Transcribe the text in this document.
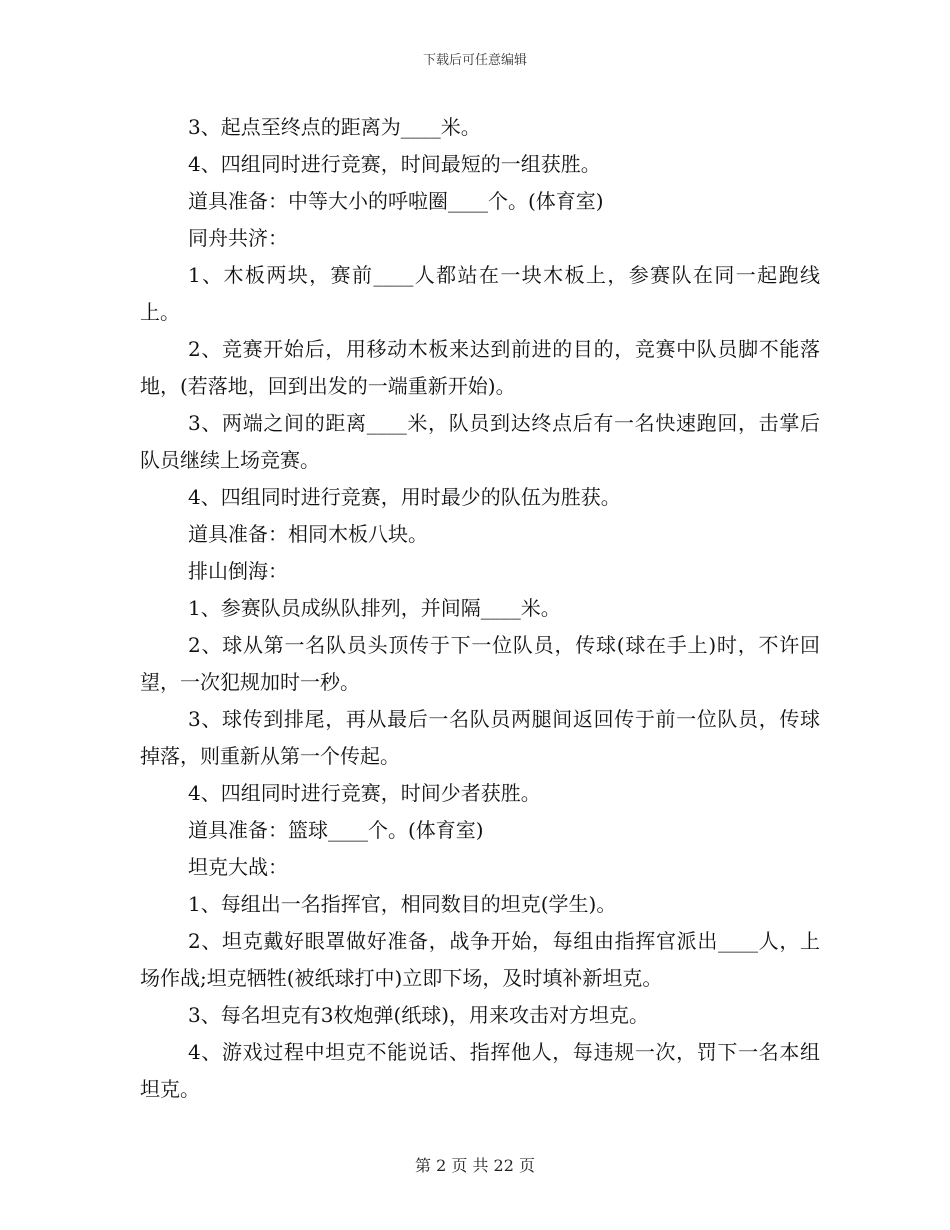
下载后可任意编辑

3、起点至终点的距离为____米。

4、四组同时进行竞赛，时间最短的一组获胜。

道具准备：中等大小的呼啦圈____个。(体育室)

同舟共济：

1、木板两块，赛前____人都站在一块木板上，参赛队在同一起跑线上。

2、竞赛开始后，用移动木板来达到前进的目的，竞赛中队员脚不能落地，(若落地，回到出发的一端重新开始)。

3、两端之间的距离____米，队员到达终点后有一名快速跑回，击掌后队员继续上场竞赛。

4、四组同时进行竞赛，用时最少的队伍为胜获。

道具准备：相同木板八块。

排山倒海：

1、参赛队员成纵队排列，并间隔____米。

2、球从第一名队员头顶传于下一位队员，传球(球在手上)时，不许回望，一次犯规加时一秒。

3、球传到排尾，再从最后一名队员两腿间返回传于前一位队员，传球掉落，则重新从第一个传起。

4、四组同时进行竞赛，时间少者获胜。

道具准备：篮球____个。(体育室)

坦克大战：

1、每组出一名指挥官，相同数目的坦克(学生)。

2、坦克戴好眼罩做好准备，战争开始，每组由指挥官派出____人，上场作战;坦克牺牲(被纸球打中)立即下场，及时填补新坦克。

3、每名坦克有3枚炮弹(纸球)，用来攻击对方坦克。

4、游戏过程中坦克不能说话、指挥他人，每违规一次，罚下一名本组坦克。

第 2 页 共 22 页
